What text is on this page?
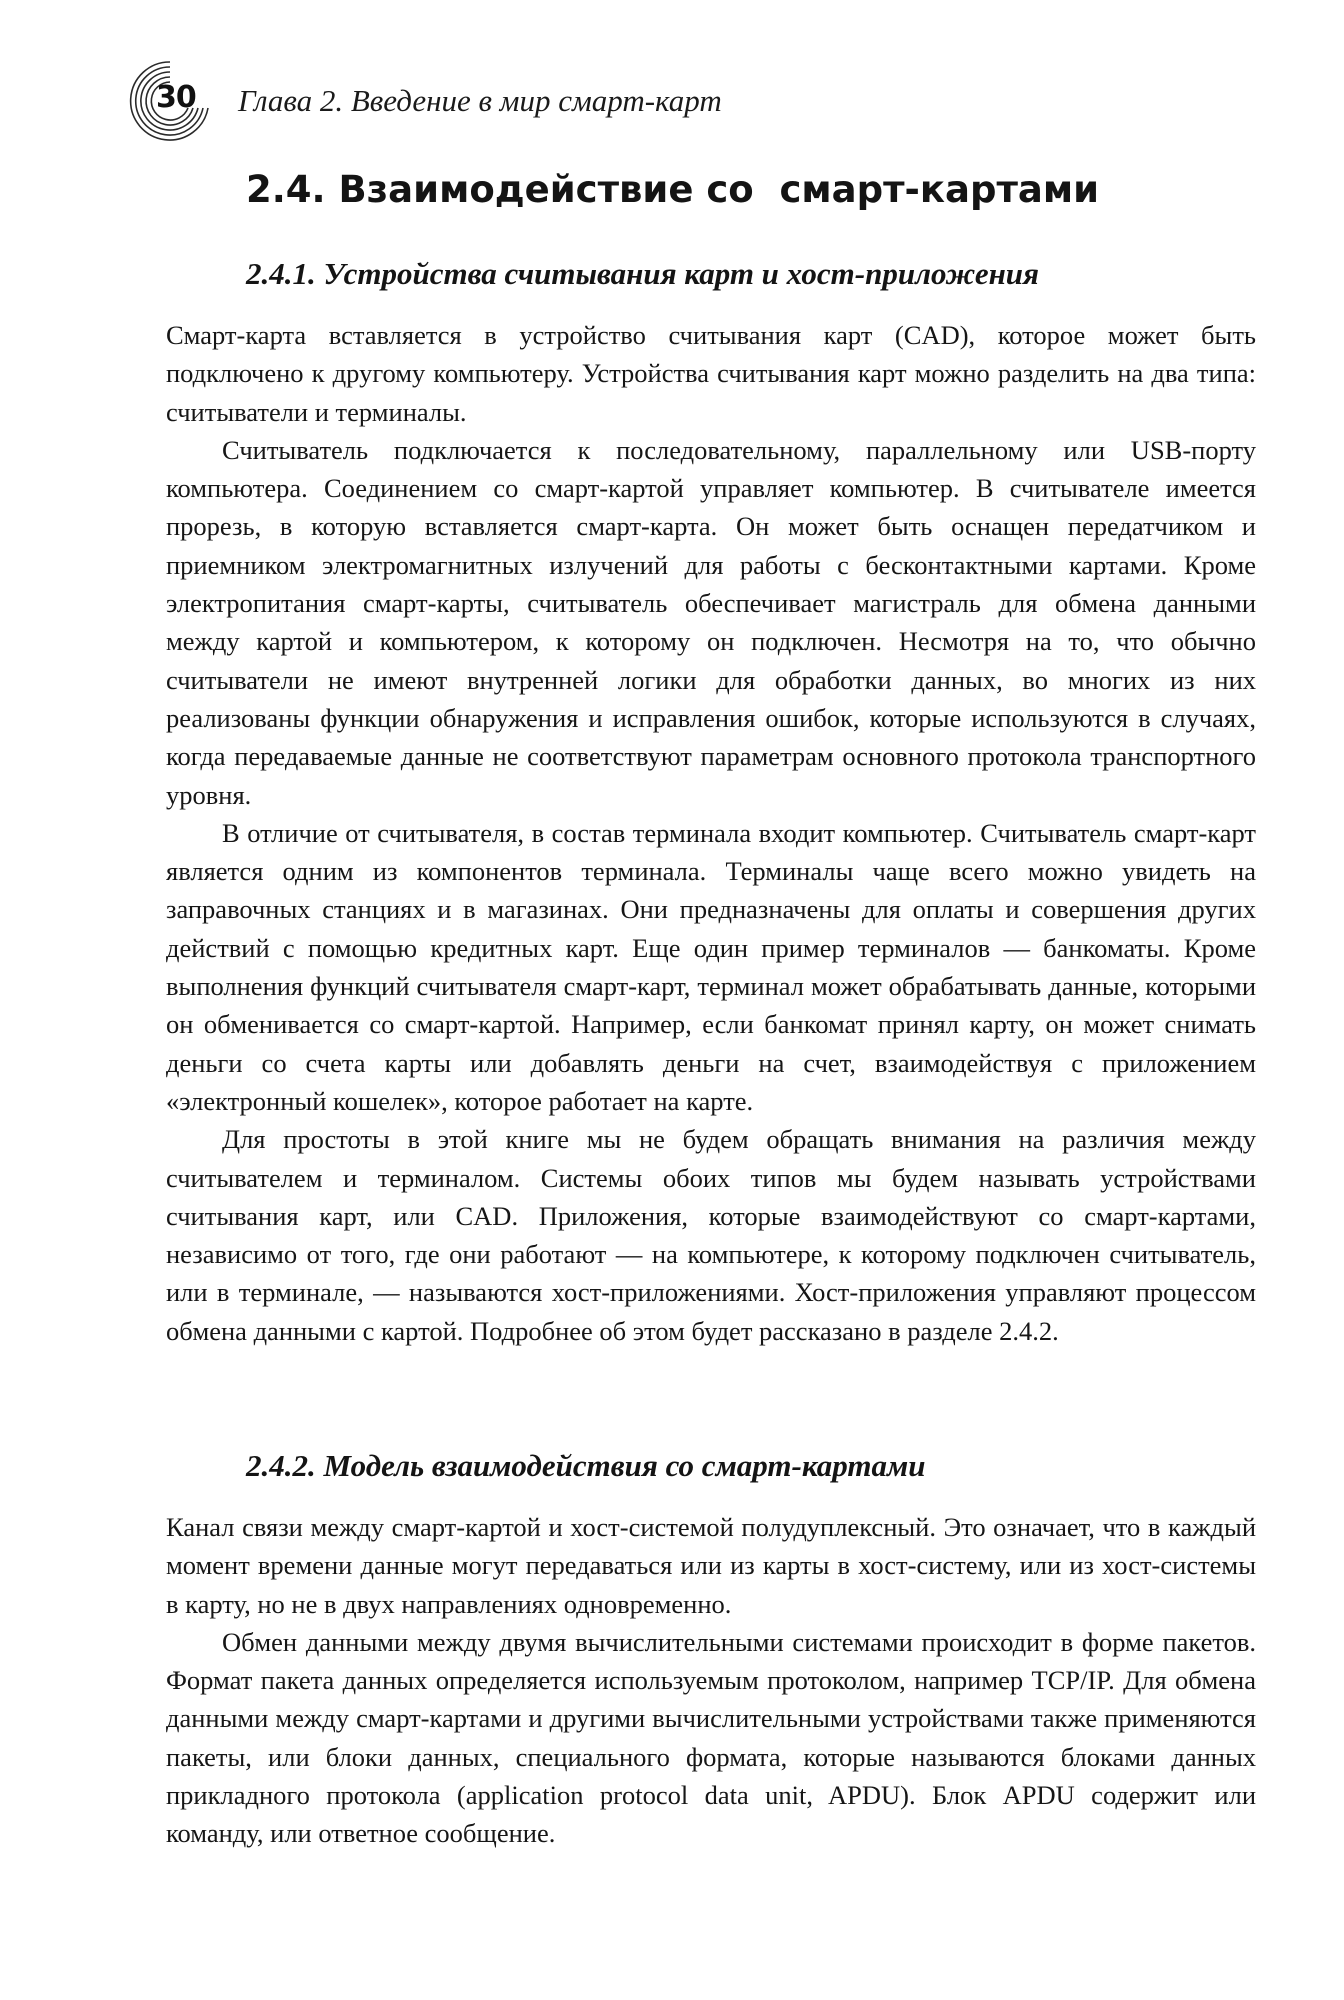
30 Глава 2. Введение в мир смарт-карт
2.4. Взаимодействие со  смарт-картами
2.4.1. Устройства считывания карт и хост-приложения

Смарт-карта вставляется в устройство считывания карт (CAD), которое может быть подключено к другому компьютеру. Устройства считывания карт можно разделить на два типа: считыватели и терминалы.

Считыватель подключается к последовательному, параллельному или USB-порту компьютера. Соединением со смарт-картой управляет компьютер. В считывателе имеется прорезь, в которую вставляется смарт-карта. Он может быть оснащен передатчиком и приемником электромагнитных излучений для работы с бесконтактными картами. Кроме электропитания смарт-карты, считыватель обеспечивает магистраль для обмена данными между картой и компьютером, к которому он подключен. Несмотря на то, что обычно считыватели не имеют внутренней логики для обработки данных, во многих из них реализованы функции обнаружения и исправления ошибок, которые используются в случаях, когда передаваемые данные не соответствуют параметрам основного протокола транспортного уровня.

В отличие от считывателя, в состав терминала входит компьютер. Считыватель смарт-карт является одним из компонентов терминала. Терминалы чаще всего можно увидеть на заправочных станциях и в магазинах. Они предназначены для оплаты и совершения других действий с помощью кредитных карт. Еще один пример терминалов — банкоматы. Кроме выполнения функций считывателя смарт-карт, терминал может обрабатывать данные, которыми он обменивается со смарт-картой. Например, если банкомат принял карту, он может снимать деньги со счета карты или добавлять деньги на счет, взаимодействуя с приложением «электронный кошелек», которое работает на карте.

Для простоты в этой книге мы не будем обращать внимания на различия между считывателем и терминалом. Системы обоих типов мы будем называть устройствами считывания карт, или CAD. Приложения, которые взаимодействуют со смарт-картами, независимо от того, где они работают — на компьютере, к которому подключен считыватель, или в терминале, — называются хост-приложениями. Хост-приложения управляют процессом обмена данными с картой. Подробнее об этом будет рассказано в разделе 2.4.2.

2.4.2. Модель взаимодействия со смарт-картами

Канал связи между смарт-картой и хост-системой полудуплексный. Это означает, что в каждый момент времени данные могут передаваться или из карты в хост-систему, или из хост-системы в карту, но не в двух направлениях одновременно.

Обмен данными между двумя вычислительными системами происходит в форме пакетов. Формат пакета данных определяется используемым протоколом, например TCP/IP. Для обмена данными между смарт-картами и другими вычислительными устройствами также применяются пакеты, или блоки данных, специального формата, которые называются блоками данных прикладного протокола (application protocol data unit, APDU). Блок APDU содержит или команду, или ответное сообщение.
